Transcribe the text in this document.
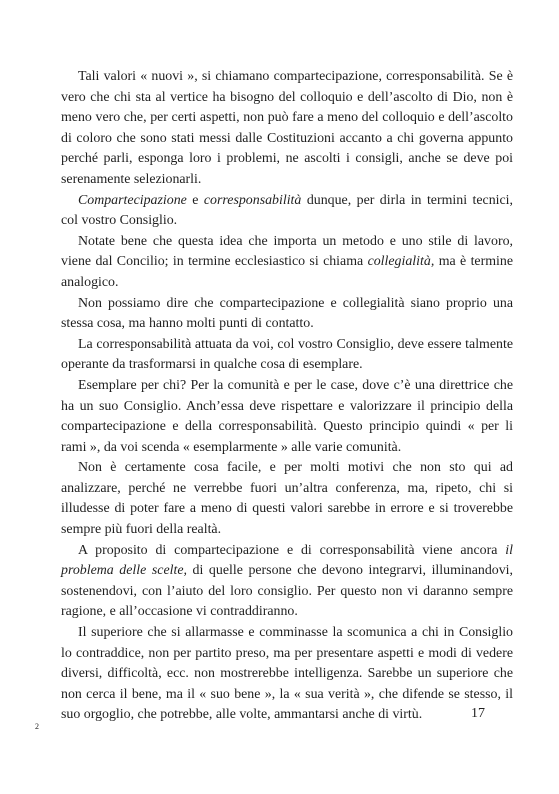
Tali valori « nuovi », si chiamano compartecipazione, corresponsabilità. Se è vero che chi sta al vertice ha bisogno del colloquio e dell’ascolto di Dio, non è meno vero che, per certi aspetti, non può fare a meno del colloquio e dell’ascolto di coloro che sono stati messi dalle Costituzioni accanto a chi governa appunto perché parli, esponga loro i problemi, ne ascolti i consigli, anche se deve poi serenamente selezionarli.

Compartecipazione e corresponsabilità dunque, per dirla in termini tecnici, col vostro Consiglio.

Notate bene che questa idea che importa un metodo e uno stile di lavoro, viene dal Concilio; in termine ecclesiastico si chiama collegialità, ma è termine analogico.

Non possiamo dire che compartecipazione e collegialità siano proprio una stessa cosa, ma hanno molti punti di contatto.

La corresponsabilità attuata da voi, col vostro Consiglio, deve essere talmente operante da trasformarsi in qualche cosa di esemplare.

Esemplare per chi? Per la comunità e per le case, dove c’è una direttrice che ha un suo Consiglio. Anch’essa deve rispettare e valorizzare il principio della compartecipazione e della corresponsabilità. Questo principio quindi « per li rami », da voi scenda « esemplarmente » alle varie comunità.

Non è certamente cosa facile, e per molti motivi che non sto qui ad analizzare, perché ne verrebbe fuori un’altra conferenza, ma, ripeto, chi si illudesse di poter fare a meno di questi valori sarebbe in errore e si troverebbe sempre più fuori della realtà.

A proposito di compartecipazione e di corresponsabilità viene ancora il problema delle scelte, di quelle persone che devono integrarvi, illuminandovi, sostenendovi, con l’aiuto del loro consiglio. Per questo non vi daranno sempre ragione, e all’occasione vi contraddiranno.

Il superiore che si allarmasse e comminasse la scomunica a chi in Consiglio lo contraddice, non per partito preso, ma per presentare aspetti e modi di vedere diversi, difficoltà, ecc. non mostrerebbe intelligenza. Sarebbe un superiore che non cerca il bene, ma il « suo bene », la « sua verità », che difende se stesso, il suo orgoglio, che potrebbe, alle volte, ammantarsi anche di virtù.	17
2
